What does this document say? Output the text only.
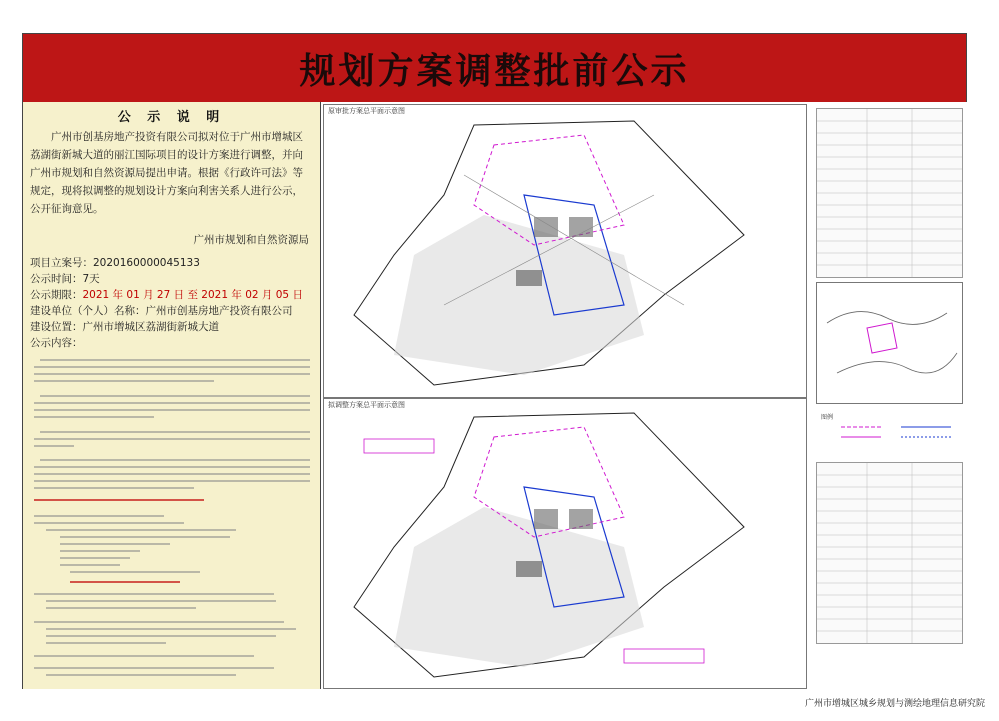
规划方案调整批前公示
公 示 说 明

广州市创基房地产投资有限公司拟对位于广州市增城区荔湖街新城大道的丽江国际项目的设计方案进行调整，并向广州市规划和自然资源局提出申请。根据《行政许可法》等规定，现将拟调整的规划设计方案向利害关系人进行公示，公开征询意见。

广州市规划和自然资源局
项目立案号：2020160000045133
公示时间：7天
公示期限：2021 年 01 月 27 日 至 2021 年 02 月 05 日
建设单位（个人）名称：广州市创基房地产投资有限公司
建设位置：广州市增城区荔湖街新城大道
公示内容：
原审批方案总平面示意图
拟调整方案总平面示意图
图例
广州市增城区城乡规划与测绘地理信息研究院
